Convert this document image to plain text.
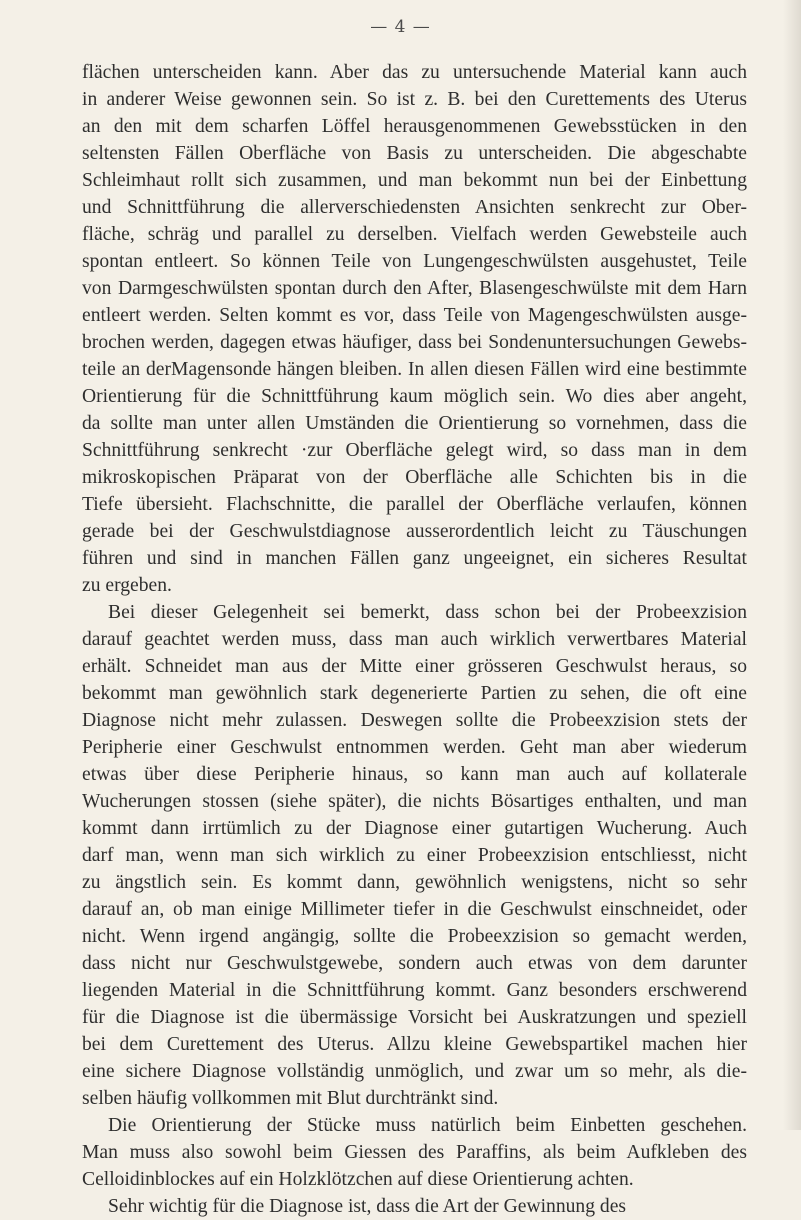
— 4 —
flächen unterscheiden kann. Aber das zu untersuchende Material kann auch
in anderer Weise gewonnen sein. So ist z. B. bei den Curettements des Uterus
an den mit dem scharfen Löffel herausgenommenen Gewebsstücken in den
seltensten Fällen Oberfläche von Basis zu unterscheiden. Die abgeschabte
Schleimhaut rollt sich zusammen, und man bekommt nun bei der Einbettung
und Schnittführung die allerverschiedensten Ansichten senkrecht zur Ober-
fläche, schräg und parallel zu derselben. Vielfach werden Gewebsteile auch
spontan entleert. So können Teile von Lungengeschwülsten ausgehustet, Teile
von Darmgeschwülsten spontan durch den After, Blasengeschwülste mit dem Harn
entleert werden. Selten kommt es vor, dass Teile von Magengeschwülsten ausge-
brochen werden, dagegen etwas häufiger, dass bei Sondenuntersuchungen Gewebs-
teile an derMagensonde hängen bleiben. In allen diesen Fällen wird eine bestimmte
Orientierung für die Schnittführung kaum möglich sein. Wo dies aber angeht,
da sollte man unter allen Umständen die Orientierung so vornehmen, dass die
Schnittführung senkrecht ·zur Oberfläche gelegt wird, so dass man in dem
mikroskopischen Präparat von der Oberfläche alle Schichten bis in die
Tiefe übersieht. Flachschnitte, die parallel der Oberfläche verlaufen, können
gerade bei der Geschwulstdiagnose ausserordentlich leicht zu Täuschungen
führen und sind in manchen Fällen ganz ungeeignet, ein sicheres Resultat
zu ergeben.
Bei dieser Gelegenheit sei bemerkt, dass schon bei der Probeexzision
darauf geachtet werden muss, dass man auch wirklich verwertbares Material
erhält. Schneidet man aus der Mitte einer grösseren Geschwulst heraus, so
bekommt man gewöhnlich stark degenerierte Partien zu sehen, die oft eine
Diagnose nicht mehr zulassen. Deswegen sollte die Probeexzision stets der
Peripherie einer Geschwulst entnommen werden. Geht man aber wiederum
etwas über diese Peripherie hinaus, so kann man auch auf kollaterale
Wucherungen stossen (siehe später), die nichts Bösartiges enthalten, und man
kommt dann irrtümlich zu der Diagnose einer gutartigen Wucherung. Auch
darf man, wenn man sich wirklich zu einer Probeexzision entschliesst, nicht
zu ängstlich sein. Es kommt dann, gewöhnlich wenigstens, nicht so sehr
darauf an, ob man einige Millimeter tiefer in die Geschwulst einschneidet, oder
nicht. Wenn irgend angängig, sollte die Probeexzision so gemacht werden,
dass nicht nur Geschwulstgewebe, sondern auch etwas von dem darunter
liegenden Material in die Schnittführung kommt. Ganz besonders erschwerend
für die Diagnose ist die übermässige Vorsicht bei Auskratzungen und speziell
bei dem Curettement des Uterus. Allzu kleine Gewebspartikel machen hier
eine sichere Diagnose vollständig unmöglich, und zwar um so mehr, als die-
selben häufig vollkommen mit Blut durchtränkt sind.
Die Orientierung der Stücke muss natürlich beim Einbetten geschehen.
Man muss also sowohl beim Giessen des Paraffins, als beim Aufkleben des
Celloidinblockes auf ein Holzklötzchen auf diese Orientierung achten.
Sehr wichtig für die Diagnose ist, dass die Art der Gewinnung des
